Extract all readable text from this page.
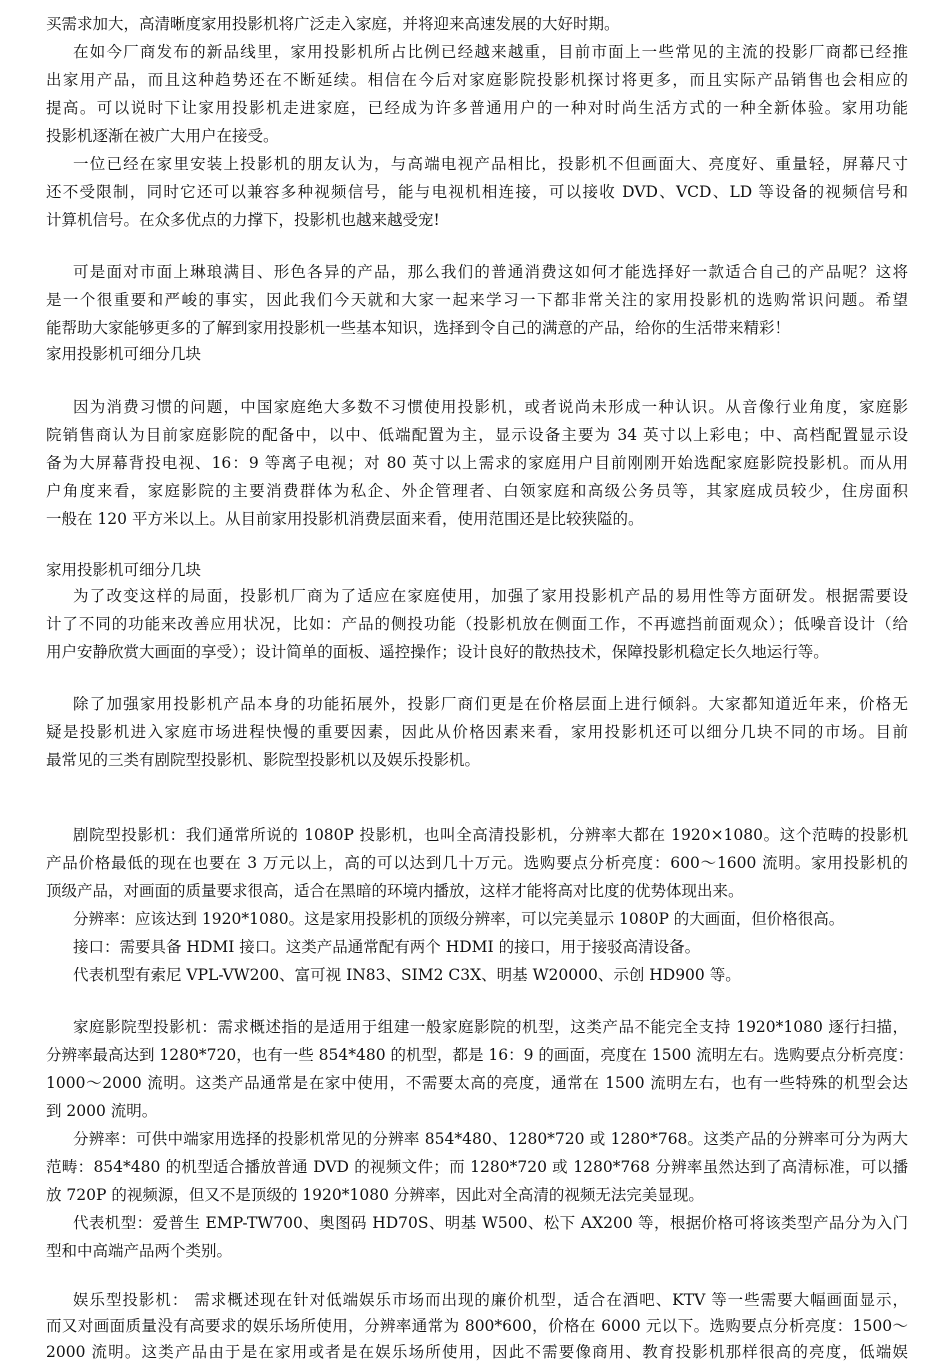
买需求加大，高清晰度家用投影机将广泛走入家庭，并将迎来高速发展的大好时期。
在如今厂商发布的新品线里，家用投影机所占比例已经越来越重，目前市面上一些常见的主流的投影厂商都已经推
出家用产品，而且这种趋势还在不断延续。相信在今后对家庭影院投影机探讨将更多，而且实际产品销售也会相应的
提高。可以说时下让家用投影机走进家庭，已经成为许多普通用户的一种对时尚生活方式的一种全新体验。家用功能
投影机逐渐在被广大用户在接受。
一位已经在家里安装上投影机的朋友认为，与高端电视产品相比，投影机不但画面大、亮度好、重量轻，屏幕尺寸
还不受限制，同时它还可以兼容多种视频信号，能与电视机相连接，可以接收 DVD、VCD、LD 等设备的视频信号和
计算机信号。在众多优点的力撑下，投影机也越来越受宠!
可是面对市面上琳琅满目、形色各异的产品，那么我们的普通消费这如何才能选择好一款适合自己的产品呢？这将
是一个很重要和严峻的事实，因此我们今天就和大家一起来学习一下都非常关注的家用投影机的选购常识问题。希望
能帮助大家能够更多的了解到家用投影机一些基本知识，选择到令自己的满意的产品，给你的生活带来精彩！
家用投影机可细分几块
因为消费习惯的问题，中国家庭绝大多数不习惯使用投影机，或者说尚未形成一种认识。从音像行业角度，家庭影
院销售商认为目前家庭影院的配备中，以中、低端配置为主，显示设备主要为 34 英寸以上彩电；中、高档配置显示设
备为大屏幕背投电视、16：9 等离子电视；对 80 英寸以上需求的家庭用户目前刚刚开始选配家庭影院投影机。而从用
户角度来看，家庭影院的主要消费群体为私企、外企管理者、白领家庭和高级公务员等，其家庭成员较少，住房面积
一般在 120 平方米以上。从目前家用投影机消费层面来看，使用范围还是比较狭隘的。
家用投影机可细分几块
为了改变这样的局面，投影机厂商为了适应在家庭使用，加强了家用投影机产品的易用性等方面研发。根据需要设
计了不同的功能来改善应用状况，比如：产品的侧投功能（投影机放在侧面工作，不再遮挡前面观众）；低噪音设计（给
用户安静欣赏大画面的享受）；设计简单的面板、遥控操作；设计良好的散热技术，保障投影机稳定长久地运行等。
除了加强家用投影机产品本身的功能拓展外，投影厂商们更是在价格层面上进行倾斜。大家都知道近年来，价格无
疑是投影机进入家庭市场进程快慢的重要因素，因此从价格因素来看，家用投影机还可以细分几块不同的市场。目前
最常见的三类有剧院型投影机、影院型投影机以及娱乐投影机。
剧院型投影机：我们通常所说的 1080P 投影机，也叫全高清投影机，分辨率大都在 1920×1080。这个范畴的投影机
产品价格最低的现在也要在 3 万元以上，高的可以达到几十万元。选购要点分析亮度：600～1600 流明。家用投影机的
顶级产品，对画面的质量要求很高，适合在黑暗的环境内播放，这样才能将高对比度的优势体现出来。
分辨率：应该达到 1920*1080。这是家用投影机的顶级分辨率，可以完美显示 1080P 的大画面，但价格很高。
接口：需要具备 HDMI 接口。这类产品通常配有两个 HDMI 的接口，用于接驳高清设备。
代表机型有索尼 VPL-VW200、富可视 IN83、SIM2 C3X、明基 W20000、示创 HD900 等。
家庭影院型投影机：需求概述指的是适用于组建一般家庭影院的机型，这类产品不能完全支持 1920*1080 逐行扫描，
分辨率最高达到 1280*720，也有一些 854*480 的机型，都是 16：9 的画面，亮度在 1500 流明左右。选购要点分析亮度：
1000～2000 流明。这类产品通常是在家中使用，不需要太高的亮度，通常在 1500 流明左右，也有一些特殊的机型会达
到 2000 流明。
分辨率：可供中端家用选择的投影机常见的分辨率 854*480、1280*720 或 1280*768。这类产品的分辨率可分为两大
范畴：854*480 的机型适合播放普通 DVD 的视频文件；而 1280*720 或 1280*768 分辨率虽然达到了高清标准，可以播
放 720P 的视频源，但又不是顶级的 1920*1080 分辨率，因此对全高清的视频无法完美显现。
代表机型：爱普生 EMP-TW700、奥图码 HD70S、明基 W500、松下 AX200 等，根据价格可将该类型产品分为入门
型和中高端产品两个类别。
娱乐型投影机： 需求概述现在针对低端娱乐市场而出现的廉价机型，适合在酒吧、KTV 等一些需要大幅画面显示，
而又对画面质量没有高要求的娱乐场所使用，分辨率通常为 800*600，价格在 6000 元以下。选购要点分析亮度：1500～
2000 流明。这类产品由于是在家用或者是在娱乐场所使用，因此不需要像商用、教育投影机那样很高的亮度，低端娱
